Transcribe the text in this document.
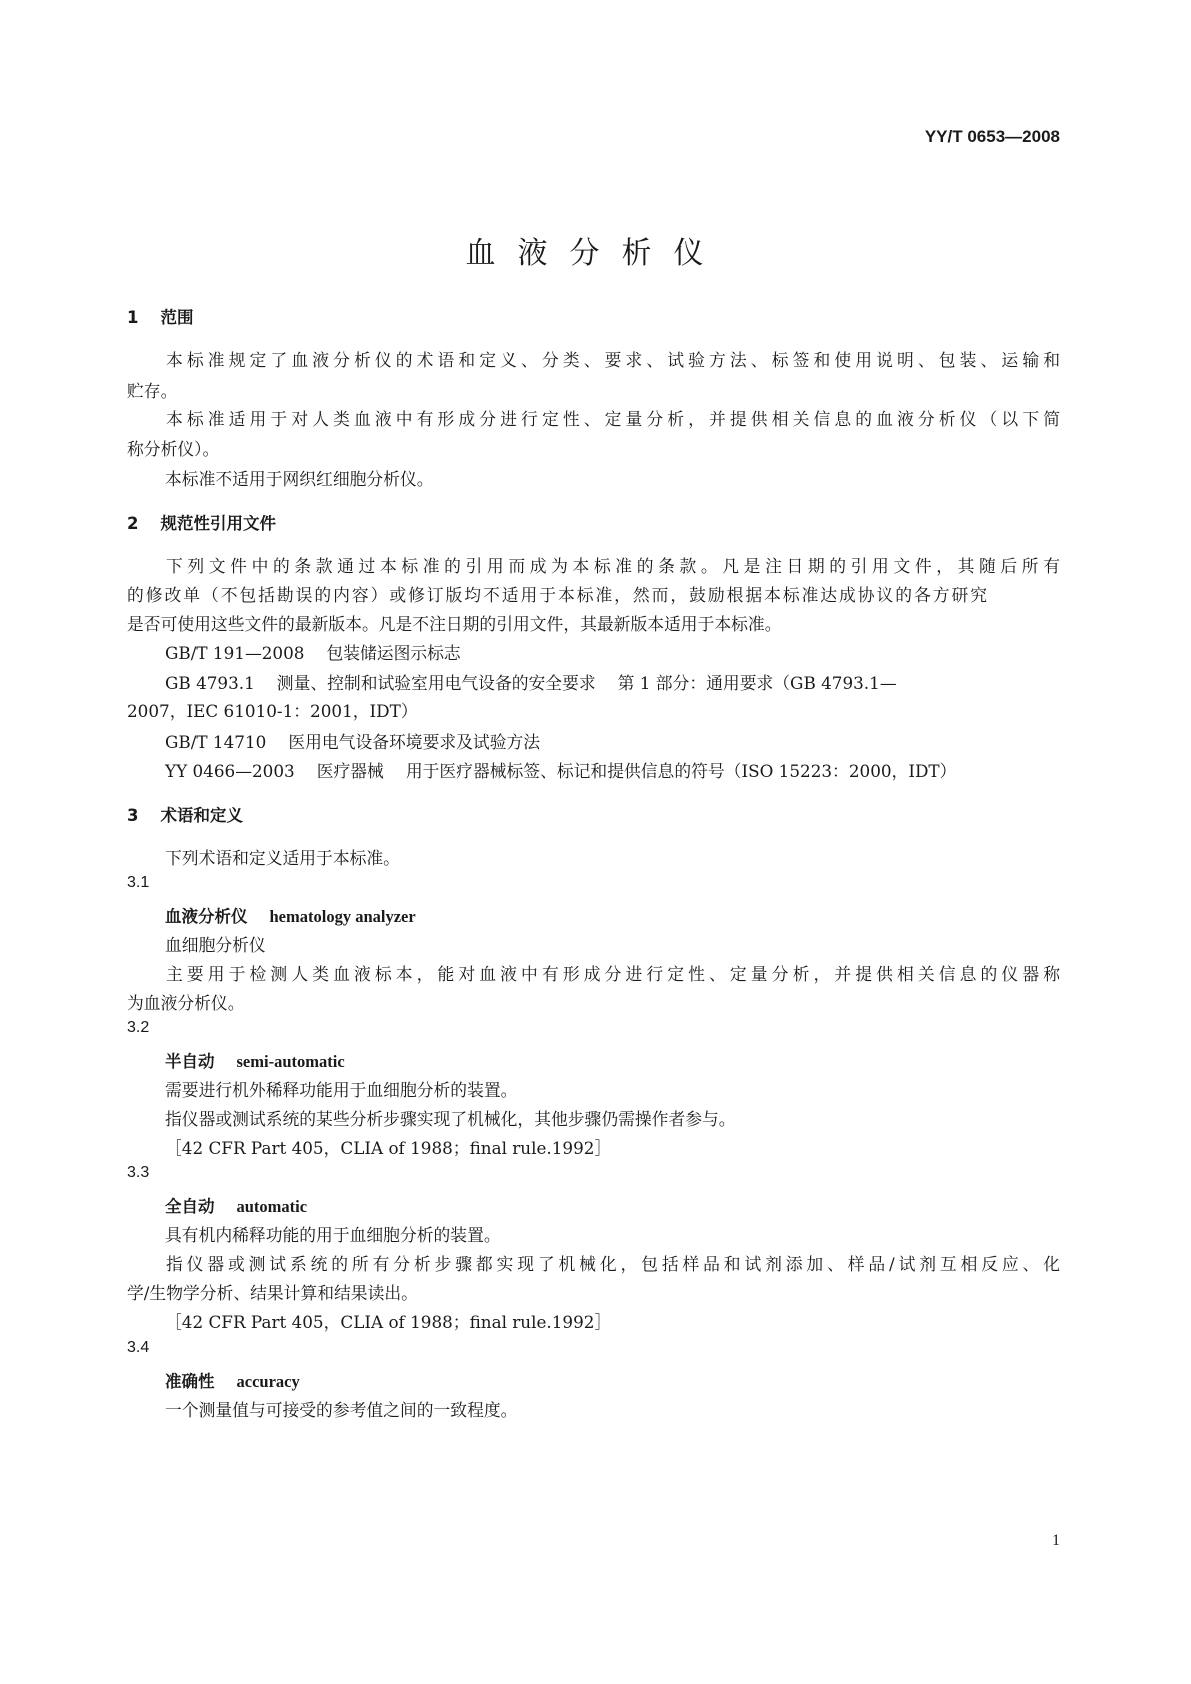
YY/T 0653—2008
血液分析仪
1 范围
本标准规定了血液分析仪的术语和定义、分类、要求、试验方法、标签和使用说明、包装、运输和
贮存。
本标准适用于对人类血液中有形成分进行定性、定量分析，并提供相关信息的血液分析仪（以下简
称分析仪）。
本标准不适用于网织红细胞分析仪。
2 规范性引用文件
下列文件中的条款通过本标准的引用而成为本标准的条款。凡是注日期的引用文件，其随后所有
的修改单（不包括勘误的内容）或修订版均不适用于本标准，然而，鼓励根据本标准达成协议的各方研究
是否可使用这些文件的最新版本。凡是不注日期的引用文件，其最新版本适用于本标准。
GB/T 191—2008 包装储运图示标志
GB 4793.1 测量、控制和试验室用电气设备的安全要求 第 1 部分：通用要求（GB 4793.1—
2007，IEC 61010-1：2001，IDT）
GB/T 14710 医用电气设备环境要求及试验方法
YY 0466—2003 医疗器械 用于医疗器械标签、标记和提供信息的符号（ISO 15223：2000，IDT）
3 术语和定义
下列术语和定义适用于本标准。
3.1
血液分析仪 hematology analyzer
血细胞分析仪
主要用于检测人类血液标本，能对血液中有形成分进行定性、定量分析，并提供相关信息的仪器称
为血液分析仪。
3.2
半自动 semi-automatic
需要进行机外稀释功能用于血细胞分析的装置。
指仪器或测试系统的某些分析步骤实现了机械化，其他步骤仍需操作者参与。
［42 CFR Part 405，CLIA of 1988；final rule.1992］
3.3
全自动 automatic
具有机内稀释功能的用于血细胞分析的装置。
指仪器或测试系统的所有分析步骤都实现了机械化，包括样品和试剂添加、样品/试剂互相反应、化
学/生物学分析、结果计算和结果读出。
［42 CFR Part 405，CLIA of 1988；final rule.1992］
3.4
准确性 accuracy
一个测量值与可接受的参考值之间的一致程度。
1
